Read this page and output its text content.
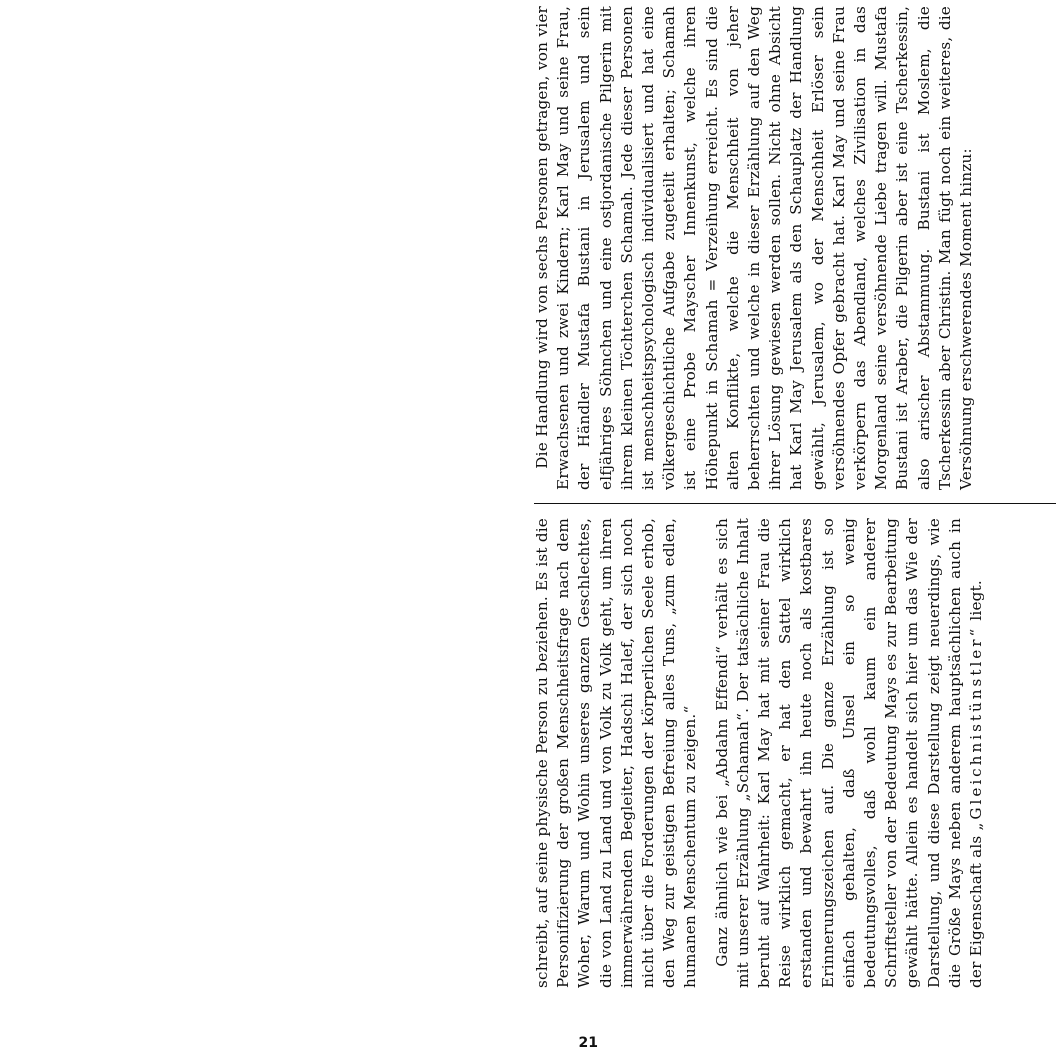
schreibt, auf seine physische Person zu beziehen. Es ist die Personifizierung der großen Menschheitsfrage nach dem Woher, Warum und Wohin unseres ganzen Geschlechtes, die von Land zu Land und von Volk zu Volk geht, um ihren immerwährenden Begleiter, Hadschi Halef, der sich noch nicht über die Forderungen der körperlichen Seele erhob, den Weg zur geistigen Befreiung alles Tuns, „zum edlen, humanen Menschentum zu zeigen.“ Ganz ähnlich wie bei „Abdahn Effendi“ verhält es sich mit unserer Erzählung „Schamah“. Der tatsächliche Inhalt beruht auf Wahrheit: Karl May hat mit seiner Frau die Reise wirklich gemacht, er hat den Sattel wirklich erstanden und bewahrt ihn heute noch als kostbares Erinnerungszeichen auf. Die ganze Erzählung ist so einfach gehalten, daß Unsel ein so wenig bedeutungsvolles, daß wohl kaum ein anderer Schriftsteller von der Bedeutung Mays es zur Bearbeitung gewählt hätte. Allein es handelt sich hier um das Wie der Darstellung, und diese Darstellung zeigt neuerdings, wie die Größe Mays neben anderem hauptsächlichen auch in der Eigenschaft als „Gleichnistünstler“ liegt.

Die Handlung wird von sechs Personen getragen, von vier Erwachsenen und zwei Kindern; Karl May und seine Frau, der Händler Mustafa Bustani in Jerusalem und sein elfjähriges Söhnchen und eine ostjordanische Pilgerin mit ihrem kleinen Töchterchen Schamah. Jede dieser Personen ist menschheitspsychologisch individualisiert und hat eine völkergeschichtliche Aufgabe zugeteilt erhalten; Schamah ist eine Probe Mayscher Innenkunst, welche ihren Höhepunkt in Schamah = Verzeihung erreicht. Es sind die alten Konflikte, welche die Menschheit von jeher beherrschten und welche in dieser Erzählung auf den Weg ihrer Lösung gewiesen werden sollen. Nicht ohne Absicht hat Karl May Jerusalem als den Schauplatz der Handlung gewählt, Jerusalem, wo der Menschheit Erlöser sein versöhnendes Opfer gebracht hat. Karl May und seine Frau verkörpern das Abendland, welches Zivilisation in das Morgenland seine versöhnende Liebe tragen will. Mustafa Bustani ist Araber, die Pilgerin aber ist eine Tscherkessin, also arischer Abstammung. Bustani ist Moslem, die Tscherkessin aber Christin. Man fügt noch ein weiteres, die Versöhnung erschwerendes Moment hinzu:

21
